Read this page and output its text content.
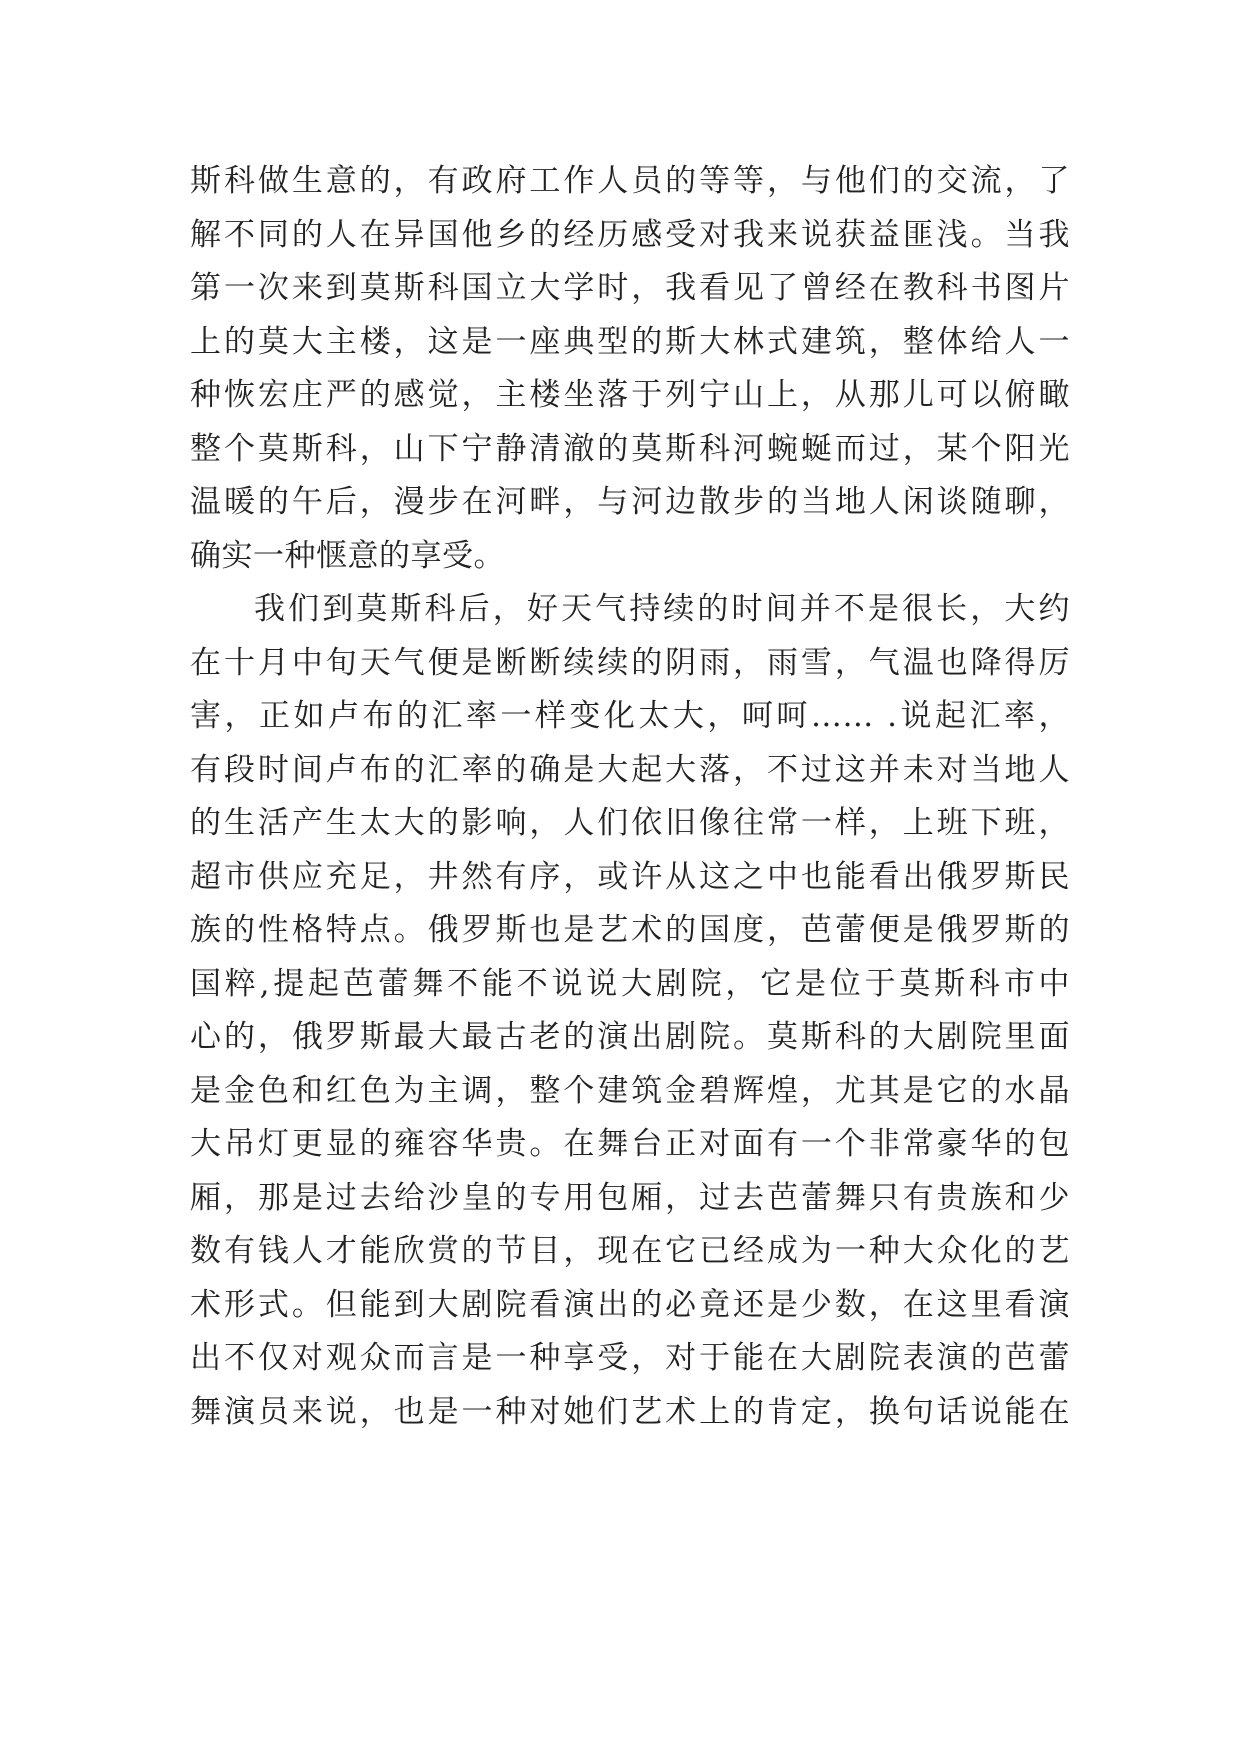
斯科做生意的，有政府工作人员的等等，与他们的交流，了
解不同的人在异国他乡的经历感受对我来说获益匪浅。当我
第一次来到莫斯科国立大学时，我看见了曾经在教科书图片
上的莫大主楼，这是一座典型的斯大林式建筑，整体给人一
种恢宏庄严的感觉，主楼坐落于列宁山上，从那儿可以俯瞰
整个莫斯科，山下宁静清澈的莫斯科河蜿蜒而过，某个阳光
温暖的午后，漫步在河畔，与河边散步的当地人闲谈随聊，
确实一种惬意的享受。
我们到莫斯科后，好天气持续的时间并不是很长，大约
在十月中旬天气便是断断续续的阴雨，雨雪，气温也降得厉
害，正如卢布的汇率一样变化太大，呵呵…… .说起汇率，
有段时间卢布的汇率的确是大起大落，不过这并未对当地人
的生活产生太大的影响，人们依旧像往常一样，上班下班，
超市供应充足，井然有序，或许从这之中也能看出俄罗斯民
族的性格特点。俄罗斯也是艺术的国度，芭蕾便是俄罗斯的
国粹,提起芭蕾舞不能不说说大剧院，它是位于莫斯科市中
心的，俄罗斯最大最古老的演出剧院。莫斯科的大剧院里面
是金色和红色为主调，整个建筑金碧辉煌，尤其是它的水晶
大吊灯更显的雍容华贵。在舞台正对面有一个非常豪华的包
厢，那是过去给沙皇的专用包厢，过去芭蕾舞只有贵族和少
数有钱人才能欣赏的节目，现在它已经成为一种大众化的艺
术形式。但能到大剧院看演出的必竟还是少数，在这里看演
出不仅对观众而言是一种享受，对于能在大剧院表演的芭蕾
舞演员来说，也是一种对她们艺术上的肯定，换句话说能在
